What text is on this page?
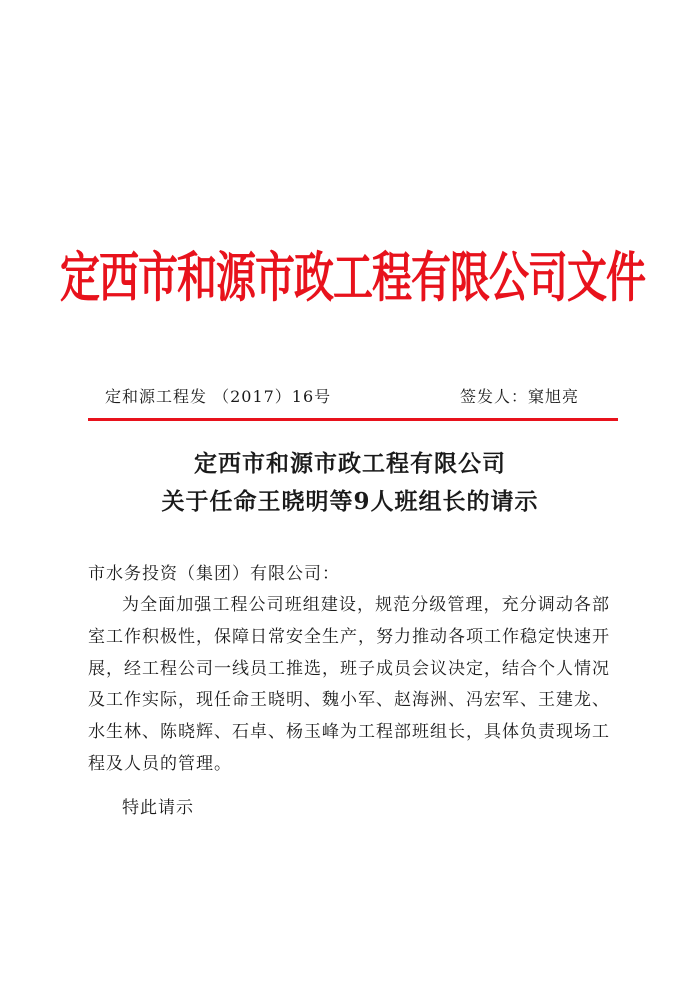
定西市和源市政工程有限公司文件
定和源工程发 （2017）16号	签发人：窠旭亮
定西市和源市政工程有限公司
关于任命王晓明等9人班组长的请示
市水务投资（集团）有限公司：

为全面加强工程公司班组建设，规范分级管理，充分调动各部室工作积极性，保障日常安全生产，努力推动各项工作稳定快速开展，经工程公司一线员工推选，班子成员会议决定，结合个人情况及工作实际，现任命王晓明、魏小军、赵海洲、冯宏军、王建龙、水生林、陈晓辉、石卓、杨玉峰为工程部班组长，具体负责现场工程及人员的管理。

特此请示
